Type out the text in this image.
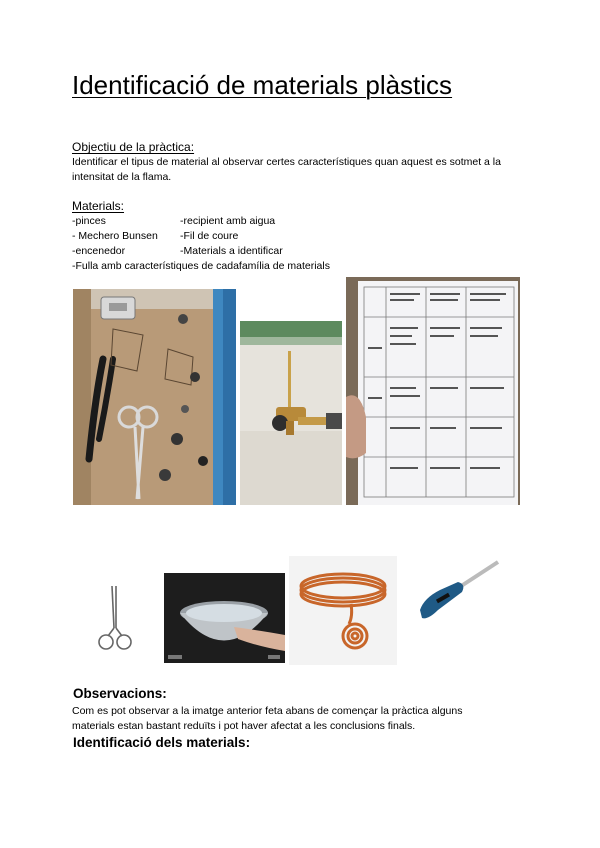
Identificació de materials plàstics
Objectiu de la pràctica:
Identificar el tipus de material al observar certes característiques quan aquest es sotmet a la
intensitat de la flama.
Materials:
-pinces	-recipient amb aigua
- Mechero Bunsen	-Fil de coure
-encenedor	-Materials a identificar
-Fulla amb característiques de cadafamília de materials
Observacions:
Com es pot observar a la imatge anterior feta abans de començar la pràctica alguns
materials estan bastant reduïts i pot haver afectat a les conclusions finals.
Identificació dels materials:
